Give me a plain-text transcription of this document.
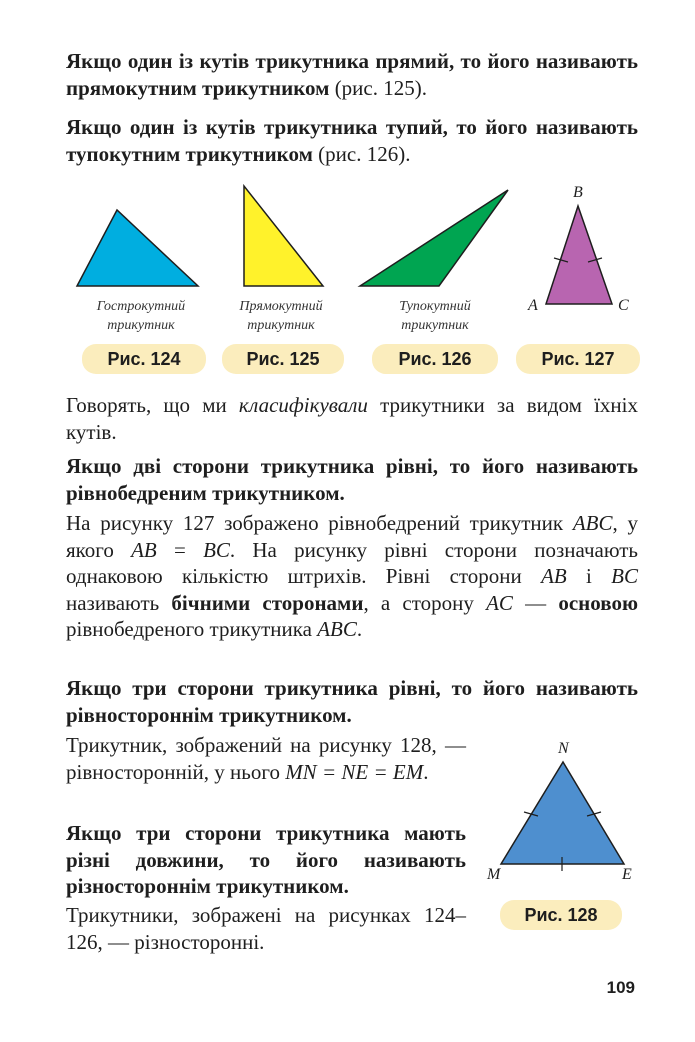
Якщо один із кутів трикутника прямий, то його називають прямокутним трикутником (рис. 125).

Якщо один із кутів трикутника тупий, то його називають тупокутним трикутником (рис. 126).

Гострокутний
трикутник
Прямокутний
трикутник
Тупокутний
трикутник
A
B
C
Рис. 124	Рис. 125	Рис. 126	Рис. 127

Говорять, що ми класифікували трикутники за видом їхніх кутів.

Якщо дві сторони трикутника рівні, то його називають рівнобедреним трикутником.

На рисунку 127 зображено рівнобедрений трикутник ABC, у якого AB = BC. На рисунку рівні сторони позначають однаковою кількістю штрихів. Рівні сторони AB і BC називають бічними сторонами, а сторону AC — основою рівнобедреного трикутника ABC.

Якщо три сторони трикутника рівні, то його називають рівностороннім трикутником.

Трикутник, зображений на рисунку 128, — рівносторонній, у нього MN = NE = EM.

Якщо три сторони трикутника мають різні довжини, то його називають різностороннім трикутником.

Трикутники, зображені на рисунках 124–126, — різносторонні.

N
M	E
Рис. 128
109
